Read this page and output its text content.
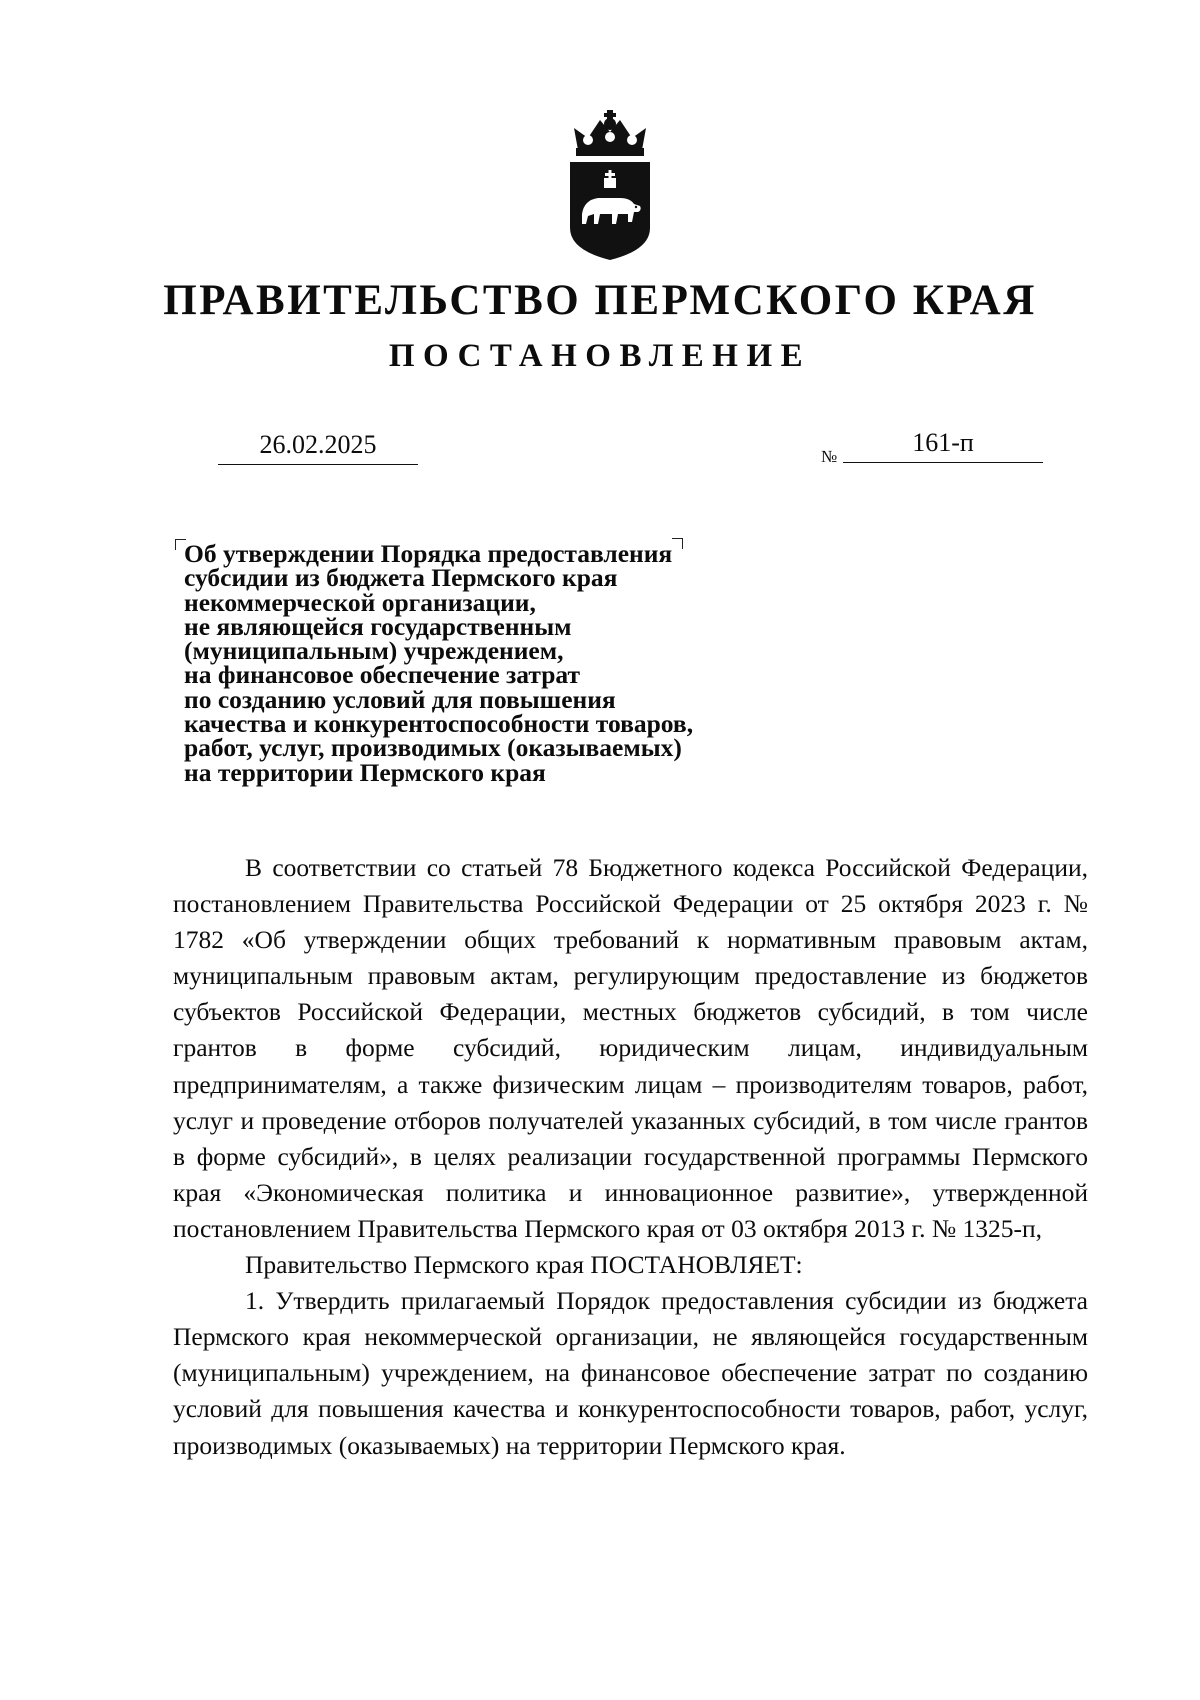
ПРАВИТЕЛЬСТВО ПЕРМСКОГО КРАЯ
ПОСТАНОВЛЕНИЕ
26.02.2025	№	161-п
Об утверждении Порядка предоставления
субсидии из бюджета Пермского края
некоммерческой организации,
не являющейся государственным
(муниципальным) учреждением,
на финансовое обеспечение затрат
по созданию условий для повышения
качества и конкурентоспособности товаров,
работ, услуг, производимых (оказываемых)
на территории Пермского края

В соответствии со статьей 78 Бюджетного кодекса Российской Федерации, постановлением Правительства Российской Федерации от 25 октября 2023 г. № 1782 «Об утверждении общих требований к нормативным правовым актам, муниципальным правовым актам, регулирующим предоставление из бюджетов субъектов Российской Федерации, местных бюджетов субсидий, в том числе грантов в форме субсидий, юридическим лицам, индивидуальным предпринимателям, а также физическим лицам – производителям товаров, работ, услуг и проведение отборов получателей указанных субсидий, в том числе грантов в форме субсидий», в целях реализации государственной программы Пермского края «Экономическая политика и инновационное развитие», утвержденной постановлением Правительства Пермского края от 03 октября 2013 г. № 1325-п,

Правительство Пермского края ПОСТАНОВЛЯЕТ:

1. Утвердить прилагаемый Порядок предоставления субсидии из бюджета Пермского края некоммерческой организации, не являющейся государственным (муниципальным) учреждением, на финансовое обеспечение затрат по созданию условий для повышения качества и конкурентоспособности товаров, работ, услуг, производимых (оказываемых) на территории Пермского края.
